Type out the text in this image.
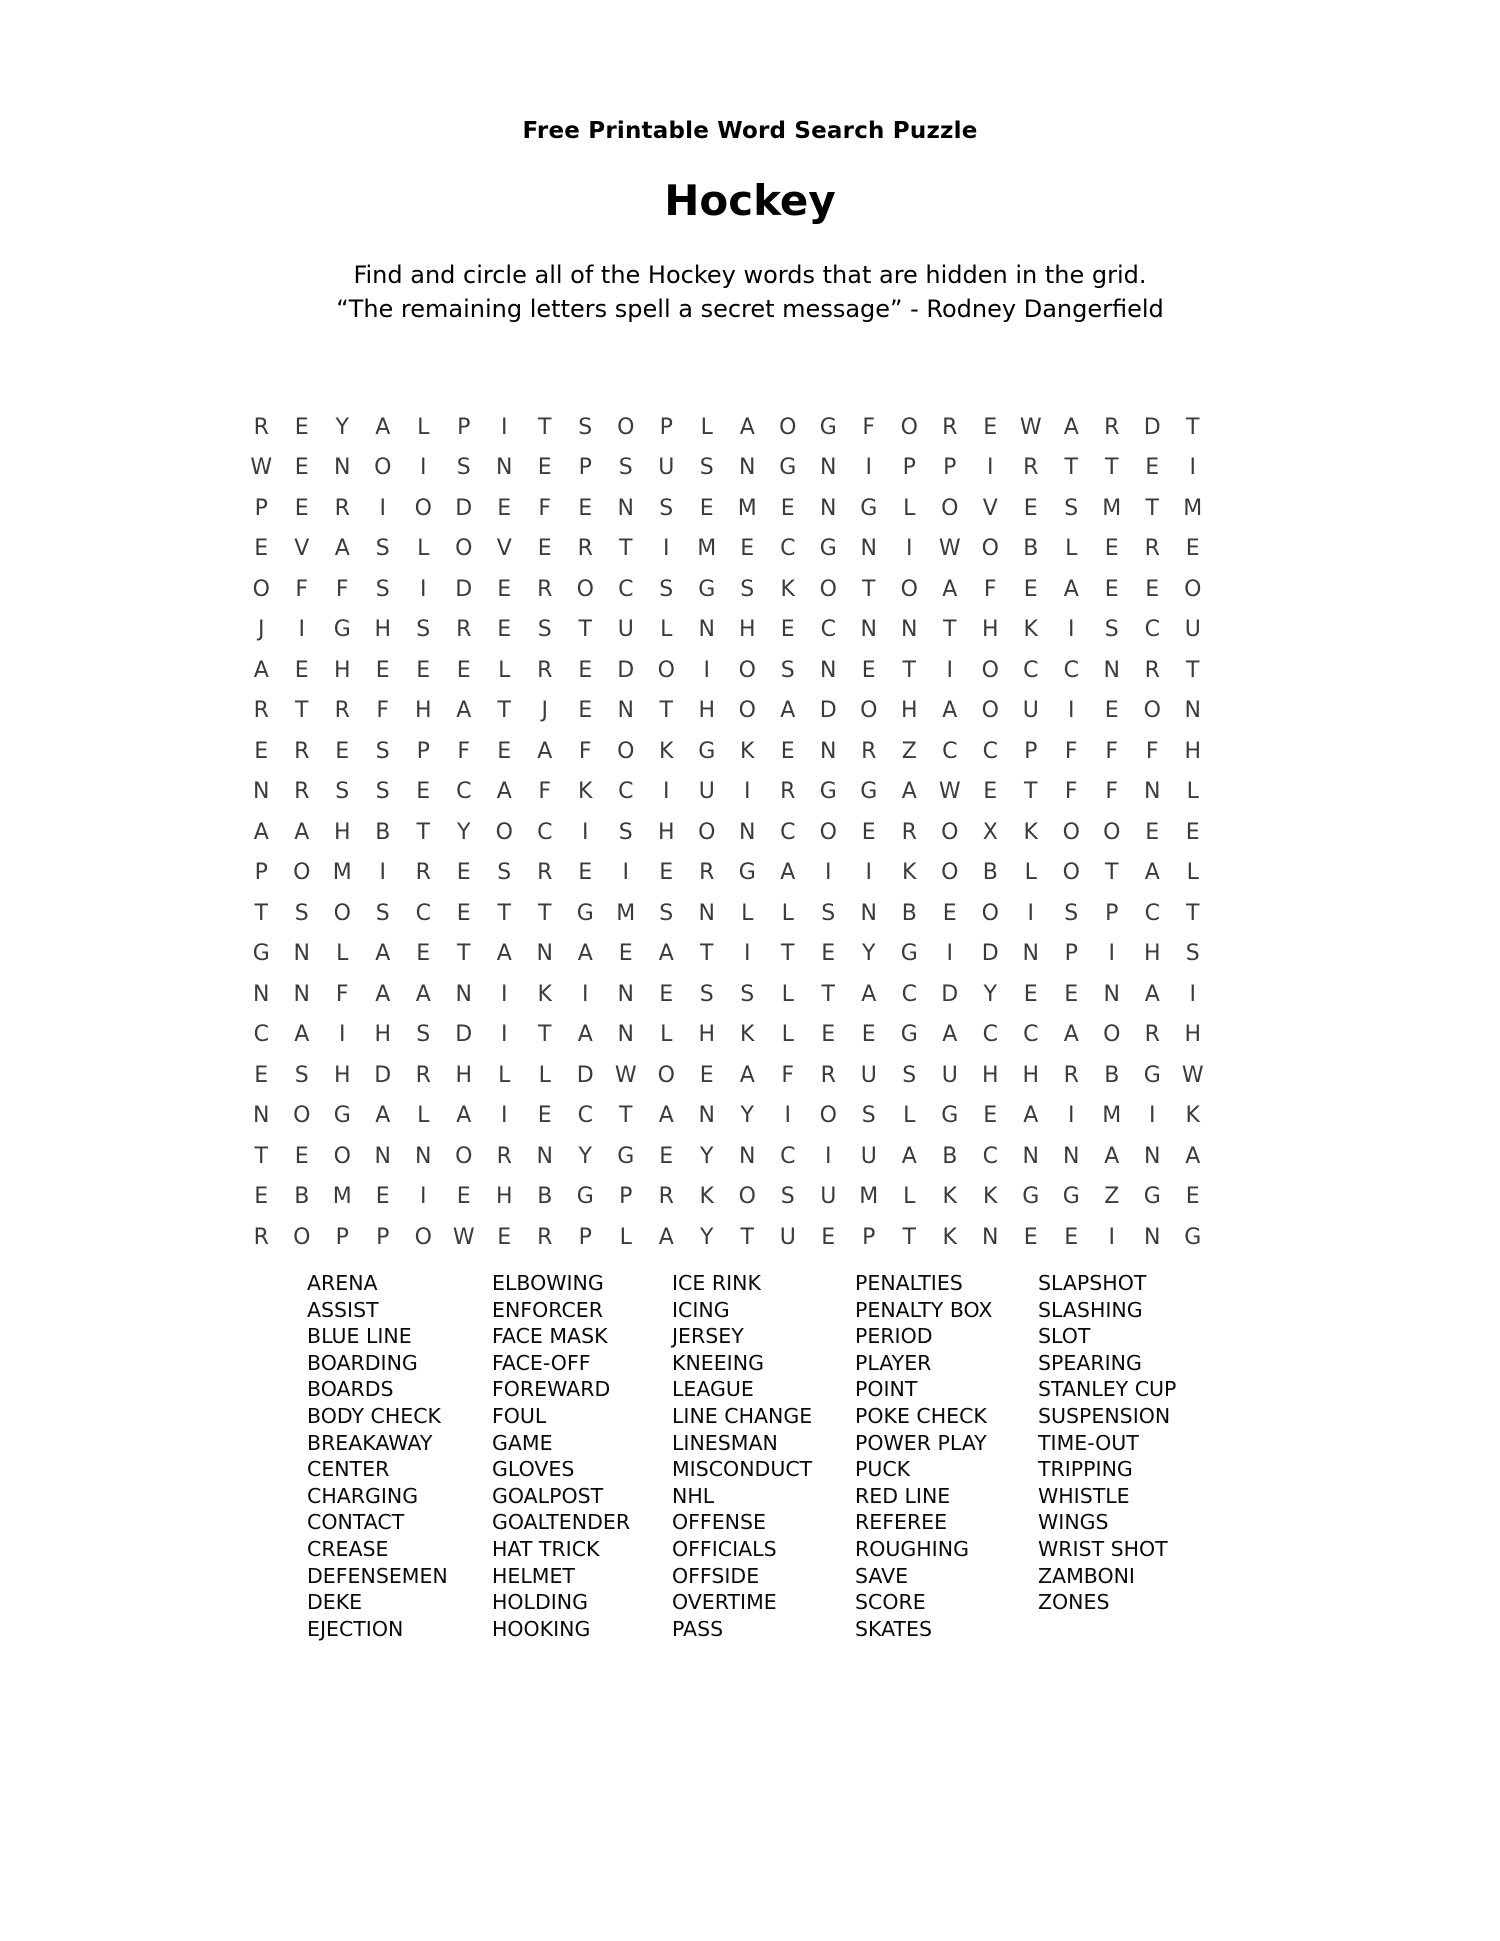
Free Printable Word Search Puzzle
Hockey
Find and circle all of the Hockey words that are hidden in the grid.
“The remaining letters spell a secret message” - Rodney Dangerfield
R	E	Y	A	L	P	I	T	S	O	P	L	A	O	G	F	O	R	E	W	A	R	D	T
W	E	N	O	I	S	N	E	P	S	U	S	N	G	N	I	P	P	I	R	T	T	E	I
P	E	R	I	O	D	E	F	E	N	S	E	M	E	N	G	L	O	V	E	S	M	T	M
E	V	A	S	L	O	V	E	R	T	I	M	E	C	G	N	I	W O	B	L	E	R	E
O	F	F	S	I	D	E	R	O	C	S	G	S	K	O	T	O	A	F	E	A	E	E	O
J	I	G	H	S	R	E	S	T	U	L	N	H	E	C	N	N	T	H	K	I	S	C	U
A	E	H	E	E	E	L	R	E	D	O	I	O	S	N	E	T	I	O	C	C	N	R	T
R	T	R	F	H	A	T	J	E	N	T	H	O	A	D	O	H	A	O	U	I	E	O	N
E	R	E	S	P	F	E	A	F	O	K	G	K	E	N	R	Z	C	C	P	F	F	F	H
N	R	S	S	E	C	A	F	K	C	I	U	I	R	G	G	A	W	E	T	F	F	N	L
A	A	H	B	T	Y	O	C	I	S	H	O	N	C	O	E	R	O	X	K	O	O	E	E
P	O	M	I	R	E	S	R	E	I	E	R	G	A	I	I	K	O	B	L	O	T	A	L
T	S	O	S	C	E	T	T	G	M	S	N	L	L	S	N	B	E	O	I	S	P	C	T
G	N	L	A	E	T	A	N	A	E	A	T	I	T	E	Y	G	I	D	N	P	I	H	S
N	N	F	A	A	N	I	K	I	N	E	S	S	L	T	A	C	D	Y	E	E	N	A	I
C	A	I	H	S	D	I	T	A	N	L	H	K	L	E	E	G	A	C	C	A	O	R	H
E	S	H	D	R	H	L	L	D W O	E	A	F	R	U	S	U	H	H	R	B	G W
N	O	G	A	L	A	I	E	C	T	A	N	Y	I	O	S	L	G	E	A	I	M	I	K
T	E	O	N	N	O	R	N	Y	G	E	Y	N	C	I	U	A	B	C	N	N	A	N	A
E	B	M	E	I	E	H	B	G	P	R	K	O	S	U	M	L	K	K	G	G	Z	G	E
R	O	P	P	O W	E	R	P	L	A	Y	T	U	E	P	T	K	N	E	E	I	N	G
ARENA
ASSIST
BLUE LINE
BOARDING
BOARDS
BODY CHECK
BREAKAWAY
CENTER
CHARGING
CONTACT
CREASE
DEFENSEMEN
DEKE
EJECTION
ELBOWING
ENFORCER
FACE MASK
FACE-OFF
FOREWARD
FOUL
GAME
GLOVES
GOALPOST
GOALTENDER
HAT TRICK
HELMET
HOLDING
HOOKING
ICE RINK
ICING
JERSEY
KNEEING
LEAGUE
LINE CHANGE
LINESMAN
MISCONDUCT
NHL
OFFENSE
OFFICIALS
OFFSIDE
OVERTIME
PASS
PENALTIES
PENALTY BOX
PERIOD
PLAYER
POINT
POKE CHECK
POWER PLAY
PUCK
RED LINE
REFEREE
ROUGHING
SAVE
SCORE
SKATES
SLAPSHOT
SLASHING
SLOT
SPEARING
STANLEY CUP
SUSPENSION
TIME-OUT
TRIPPING
WHISTLE
WINGS
WRIST SHOT
ZAMBONI
ZONES
